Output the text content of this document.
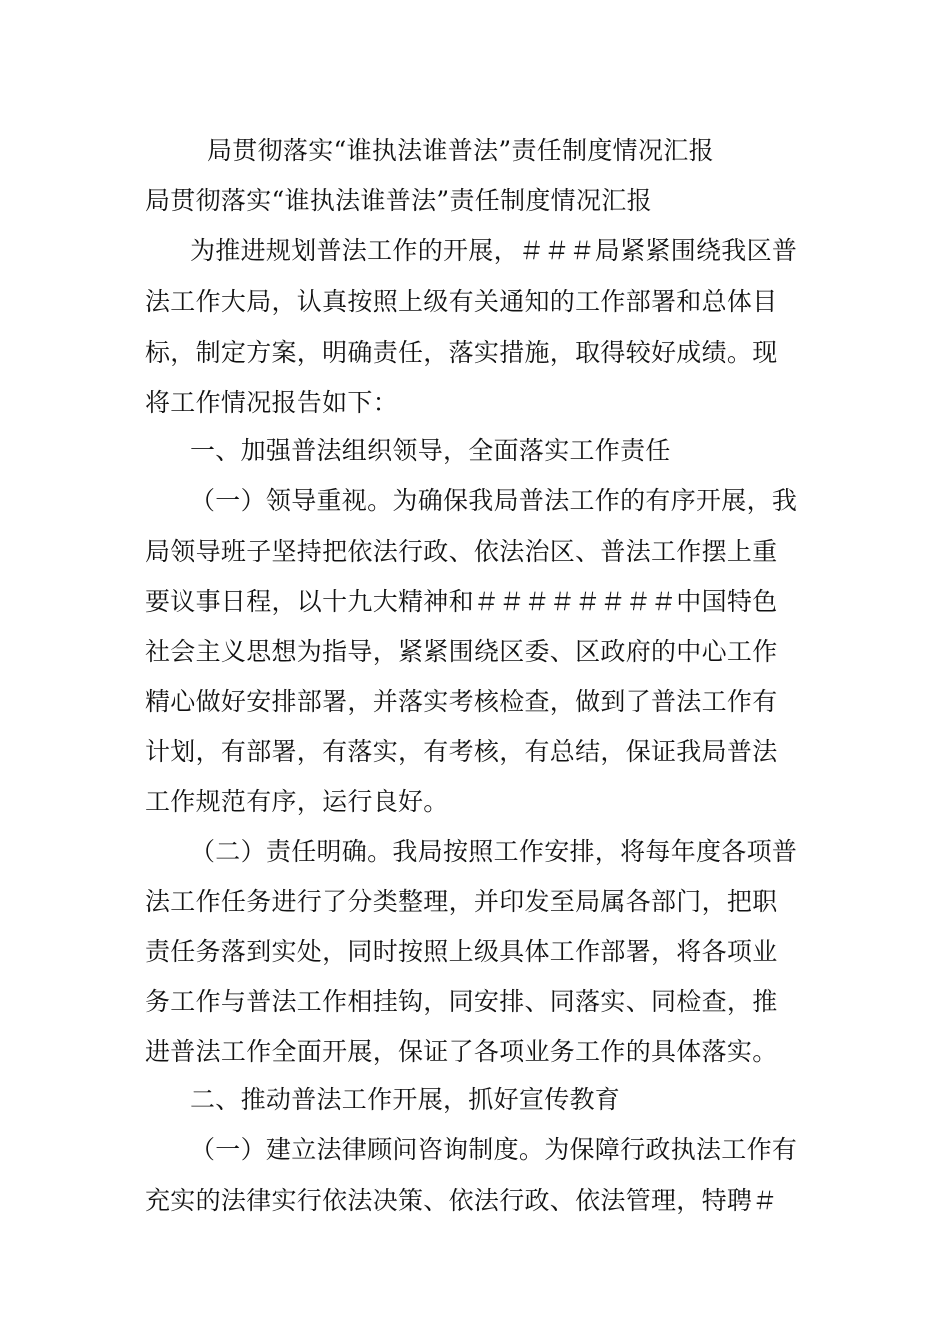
局贯彻落实“谁执法谁普法”责任制度情况汇报
局贯彻落实“谁执法谁普法”责任制度情况汇报
为推进规划普法工作的开展，＃＃＃局紧紧围绕我区普
法工作大局，认真按照上级有关通知的工作部署和总体目
标，制定方案，明确责任，落实措施，取得较好成绩。现
将工作情况报告如下：
一、加强普法组织领导，全面落实工作责任
（一）领导重视。为确保我局普法工作的有序开展，我
局领导班子坚持把依法行政、依法治区、普法工作摆上重
要议事日程，以十九大精神和＃＃＃＃＃＃＃＃中国特色
社会主义思想为指导，紧紧围绕区委、区政府的中心工作
精心做好安排部署，并落实考核检查，做到了普法工作有
计划，有部署，有落实，有考核，有总结，保证我局普法
工作规范有序，运行良好。
（二）责任明确。我局按照工作安排，将每年度各项普
法工作任务进行了分类整理，并印发至局属各部门，把职
责任务落到实处，同时按照上级具体工作部署，将各项业
务工作与普法工作相挂钩，同安排、同落实、同检查，推
进普法工作全面开展，保证了各项业务工作的具体落实。
二、推动普法工作开展，抓好宣传教育
（一）建立法律顾问咨询制度。为保障行政执法工作有
充实的法律实行依法决策、依法行政、依法管理，特聘＃
